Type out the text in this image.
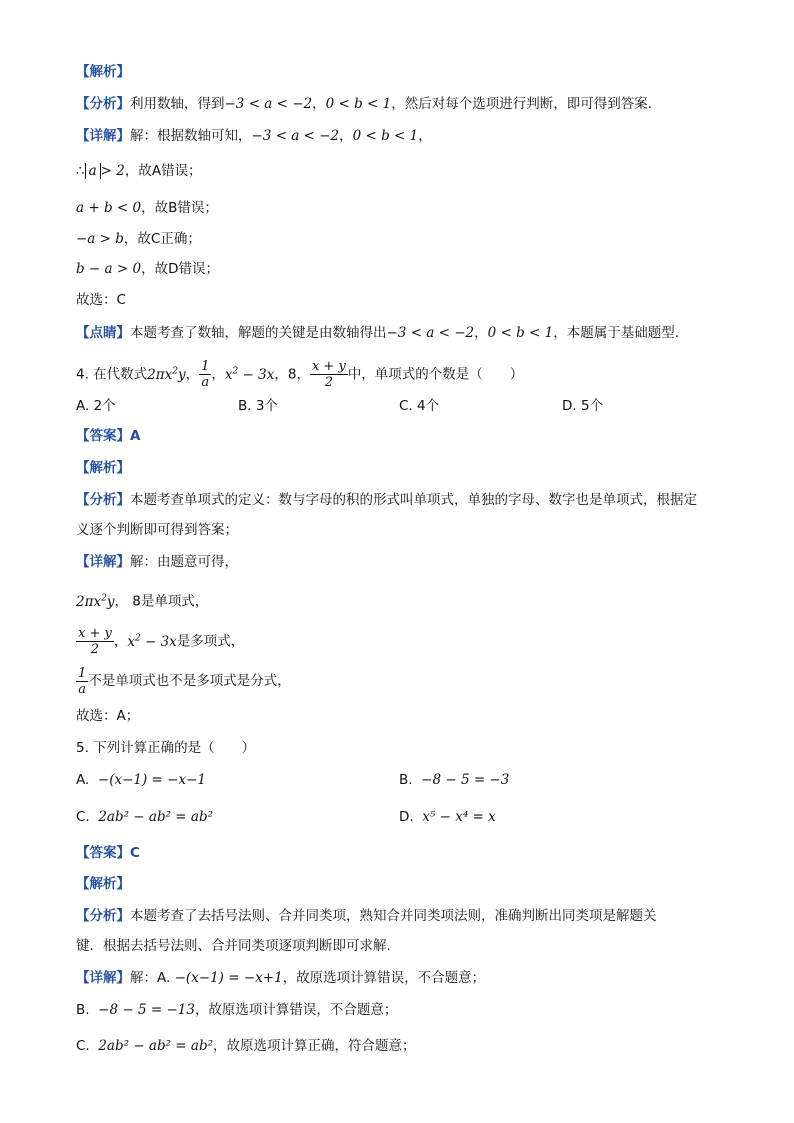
【解析】
【分析】利用数轴，得到−3 < a < −2，0 < b < 1，然后对每个选项进行判断，即可得到答案．
【详解】解：根据数轴可知，−3 < a < −2，0 < b < 1，
∴ a > 2，故A错误；
a + b < 0，故B错误；
−a > b，故C正确；
b − a > 0，故D错误；
故选：C
【点睛】本题考查了数轴，解题的关键是由数轴得出−3 < a < −2，0 < b < 1，本题属于基础题型．
4. 在代数式$2\pi x^2y$， $\frac{1}{a}$ ，$x^2 - 3x$，8， $\frac{x + y}{2}$ 中，单项式的个数是（　　）
A. 2个	B. 3个	C. 4个	D. 5个
【答案】A
【解析】
【分析】本题考查单项式的定义：数与字母的积的形式叫单项式，单独的字母、数字也是单项式，根据定
义逐个判断即可得到答案；
【详解】解：由题意可得，
$2\pi x^2y$， 8是单项式，
$\frac{x + y}{2}$ ，$x^2 - 3x$是多项式，
$\frac{1}{a}$ 不是单项式也不是多项式是分式，
故选：A；
5. 下列计算正确的是（　　）
A. −(x−1) = −x−1	B. −8 − 5 = −3
C. 2ab² − ab² = ab²	D. x⁵ − x⁴ = x
【答案】C
【解析】
【分析】本题考查了去括号法则、合并同类项，熟知合并同类项法则，准确判断出同类项是解题关
键．根据去括号法则、合并同类项逐项判断即可求解．
【详解】解：A. −(x−1) = −x+1，故原选项计算错误，不合题意；
B. −8 − 5 = −13，故原选项计算错误，不合题意；
C. 2ab² − ab² = ab²，故原选项计算正确，符合题意；
